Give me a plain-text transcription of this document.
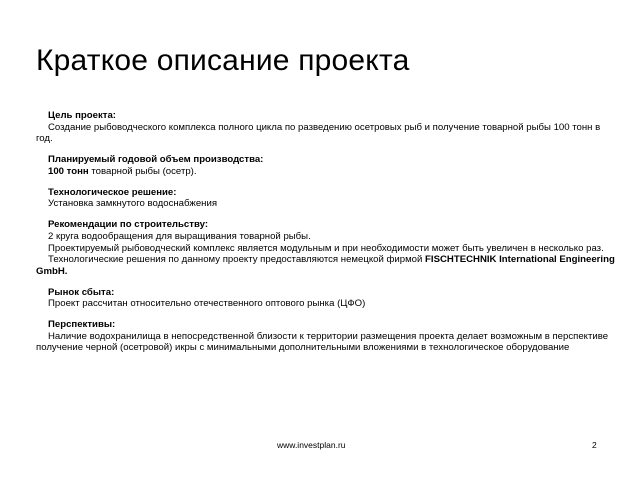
Краткое описание проекта
Цель проекта:
Создание рыбоводческого комплекса полного цикла по разведению осетровых рыб и получение товарной рыбы 100 тонн в год.
Планируемый годовой объем производства:
100 тонн товарной рыбы (осетр).
Технологическое решение:
Установка замкнутого водоснабжения
Рекомендации по строительству:
2 круга водообращения для выращивания товарной рыбы.
Проектируемый рыбоводческий комплекс является модульным и при необходимости может быть увеличен в несколько раз.
Технологические решения по данному проекту предоставляются немецкой фирмой FISCHTECHNIK International Engineering GmbH.
Рынок сбыта:
Проект рассчитан относительно отечественного оптового рынка (ЦФО)
Перспективы:
Наличие водохранилища в непосредственной близости к территории размещения проекта делает возможным в перспективе получение черной (осетровой) икры с минимальными дополнительными вложениями в технологическое оборудование
www.investplan.ru	2
